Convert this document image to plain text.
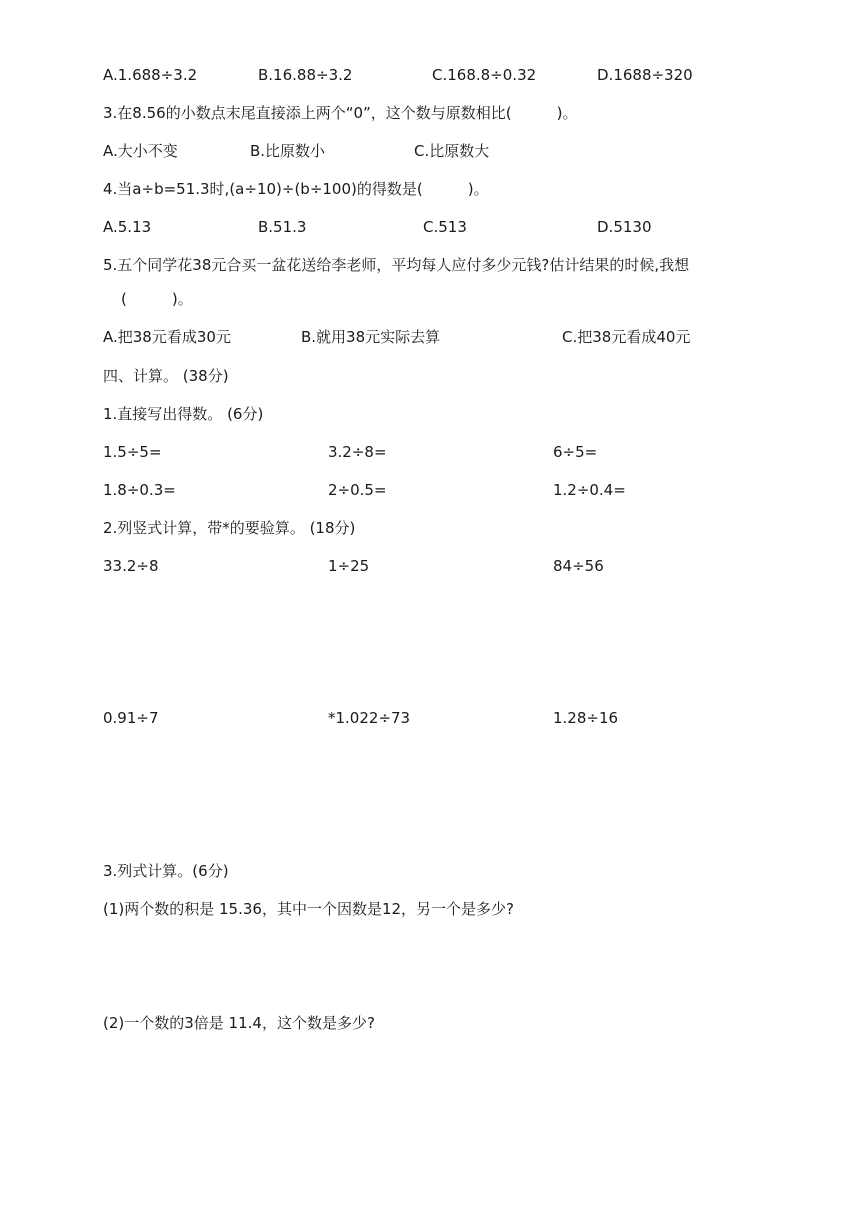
A.1.688÷3.2	B.16.88÷3.2	C.168.8÷0.32	D.1688÷320
3.在8.56的小数点末尾直接添上两个“0”，这个数与原数相比(　　　)。
A.大小不变	B.比原数小	C.比原数大
4.当a÷b=51.3时,(a÷10)÷(b÷100)的得数是(　　　)。
A.5.13	B.51.3	C.513	D.5130
5.五个同学花38元合买一盆花送给李老师，平均每人应付多少元钱?估计结果的时候,我想
(　　　)。
A.把38元看成30元	B.就用38元实际去算	C.把38元看成40元
四、计算。 (38分)
1.直接写出得数。 (6分)
1.5÷5=	3.2÷8=	6÷5=
1.8÷0.3=	2÷0.5=	1.2÷0.4=
2.列竖式计算，带*的要验算。 (18分)
33.2÷8	1÷25	84÷56
0.91÷7	*1.022÷73	1.28÷16
3.列式计算。(6分)
(1)两个数的积是 15.36，其中一个因数是12，另一个是多少?
(2)一个数的3倍是 11.4，这个数是多少?
